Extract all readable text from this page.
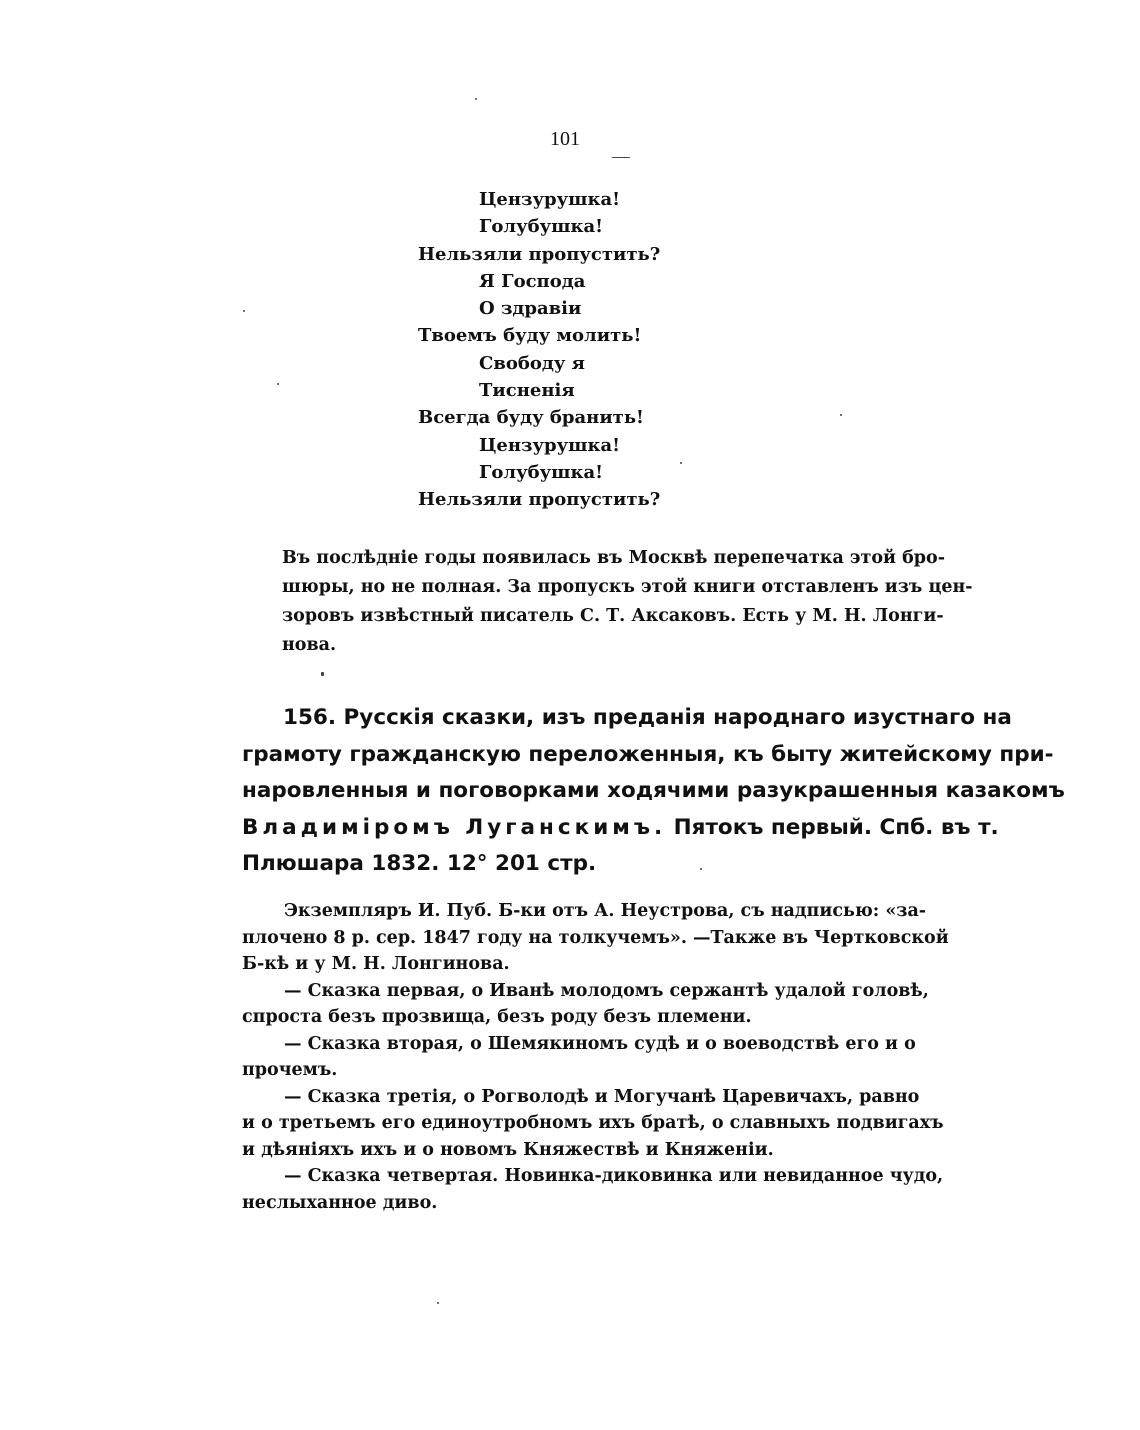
101
Цензурушка!
Голубушка!
Нельзяли пропустить?
Я Господа
О здравіи
Твоемъ буду молить!
Свободу я
Тисненія
Всегда буду бранить!
Цензурушка!
Голубушка!
Нельзяли пропустить?
Въ послѣдніе годы появилась въ Москвѣ перепечатка этой бро-
шюры, но не полная. За пропускъ этой книги отставленъ изъ цен-
зоровъ извѣстный писатель С. Т. Аксаковъ. Есть у М. Н. Лонги-
нова.
156. Русскія сказки, изъ преданія народнаго изустнаго на
грамоту гражданскую переложенныя, къ быту житейскому при-
наровленныя и поговорками ходячими разукрашенныя казакомъ
Владиміромъ Луганскимъ. Пятокъ первый. Спб. въ т.
Плюшара 1832. 12° 201 стр.
Экземпляръ И. Пуб. Б-ки отъ А. Неустрова, съ надписью: «за-
плочено 8 р. сер. 1847 году на толкучемъ». —Также въ Чертковской
Б-кѣ и у М. Н. Лонгинова.
— Сказка первая, о Иванѣ молодомъ сержантѣ удалой головѣ,
спроста безъ прозвища, безъ роду безъ племени.
— Сказка вторая, о Шемякиномъ судѣ и о воеводствѣ его и о
прочемъ.
— Сказка третія, о Рогволодѣ и Могучанѣ Царевичахъ, равно
и о третьемъ его единоутробномъ ихъ братѣ, о славныхъ подвигахъ
и дѣяніяхъ ихъ и о новомъ Княжествѣ и Княженіи.
— Сказка четвертая. Новинка-диковинка или невиданное чудо,
неслыханное диво.
